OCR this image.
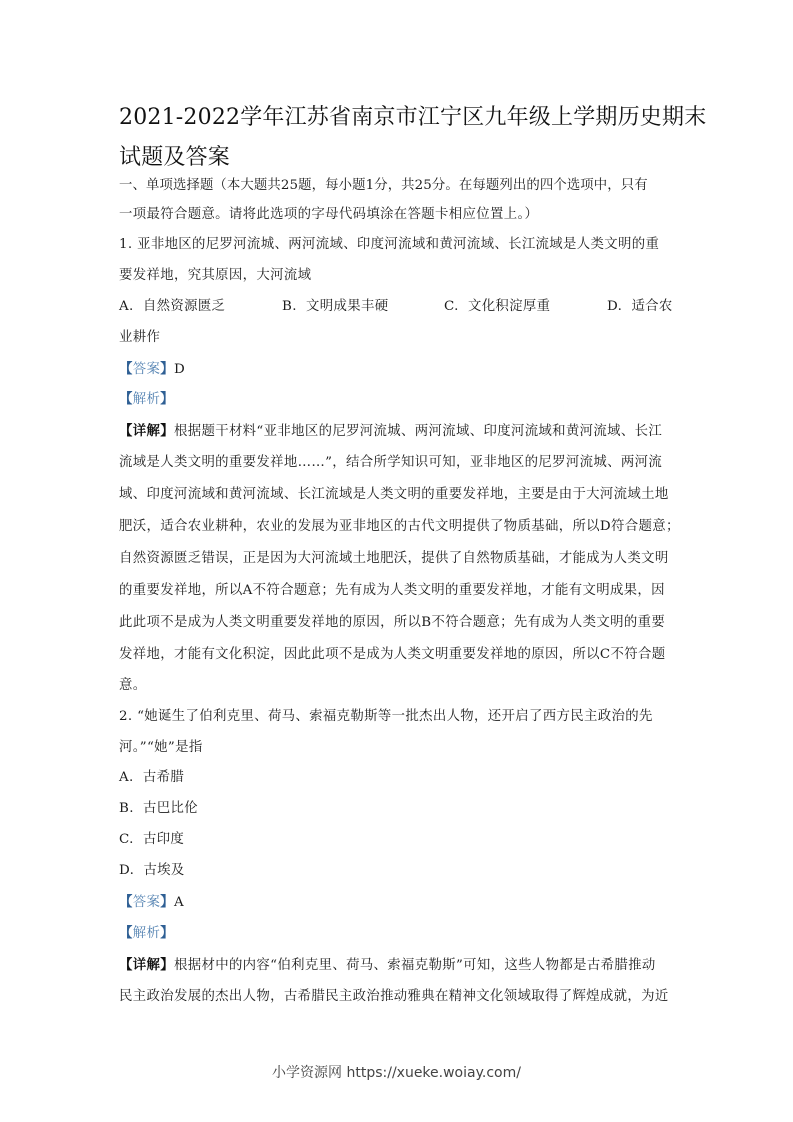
2021-2022学年江苏省南京市江宁区九年级上学期历史期末
试题及答案
一、单项选择题（本大题共25题，每小题1分，共25分。在每题列出的四个选项中，只有
一项最符合题意。请将此选项的字母代码填涂在答题卡相应位置上。）
1. 亚非地区的尼罗河流城、两河流域、印度河流域和黄河流域、长江流域是人类文明的重
要发祥地，究其原因，大河流域
A. 自然资源匮乏	B. 文明成果丰硬	C. 文化积淀厚重	D. 适合农
业耕作
【答案】D
【解析】
【详解】根据题干材料“亚非地区的尼罗河流城、两河流域、印度河流域和黄河流域、长江
流域是人类文明的重要发祥地……”，结合所学知识可知，亚非地区的尼罗河流城、两河流
域、印度河流域和黄河流域、长江流域是人类文明的重要发祥地，主要是由于大河流域土地
肥沃，适合农业耕种，农业的发展为亚非地区的古代文明提供了物质基础，所以D符合题意；
自然资源匮乏错误，正是因为大河流域土地肥沃，提供了自然物质基础，才能成为人类文明
的重要发祥地，所以A不符合题意；先有成为人类文明的重要发祥地，才能有文明成果，因
此此项不是成为人类文明重要发祥地的原因，所以B不符合题意；先有成为人类文明的重要
发祥地，才能有文化积淀，因此此项不是成为人类文明重要发祥地的原因，所以C不符合题
意。
2. “她诞生了伯利克里、荷马、索福克勒斯等一批杰出人物，还开启了西方民主政治的先
河。”“她”是指
A. 古希腊
B. 古巴比伦
C. 古印度
D. 古埃及
【答案】A
【解析】
【详解】根据材中的内容“伯利克里、荷马、索福克勒斯”可知，这些人物都是古希腊推动
民主政治发展的杰出人物，古希腊民主政治推动雅典在精神文化领域取得了辉煌成就，为近
小学资源网 https://xueke.woiay.com/
